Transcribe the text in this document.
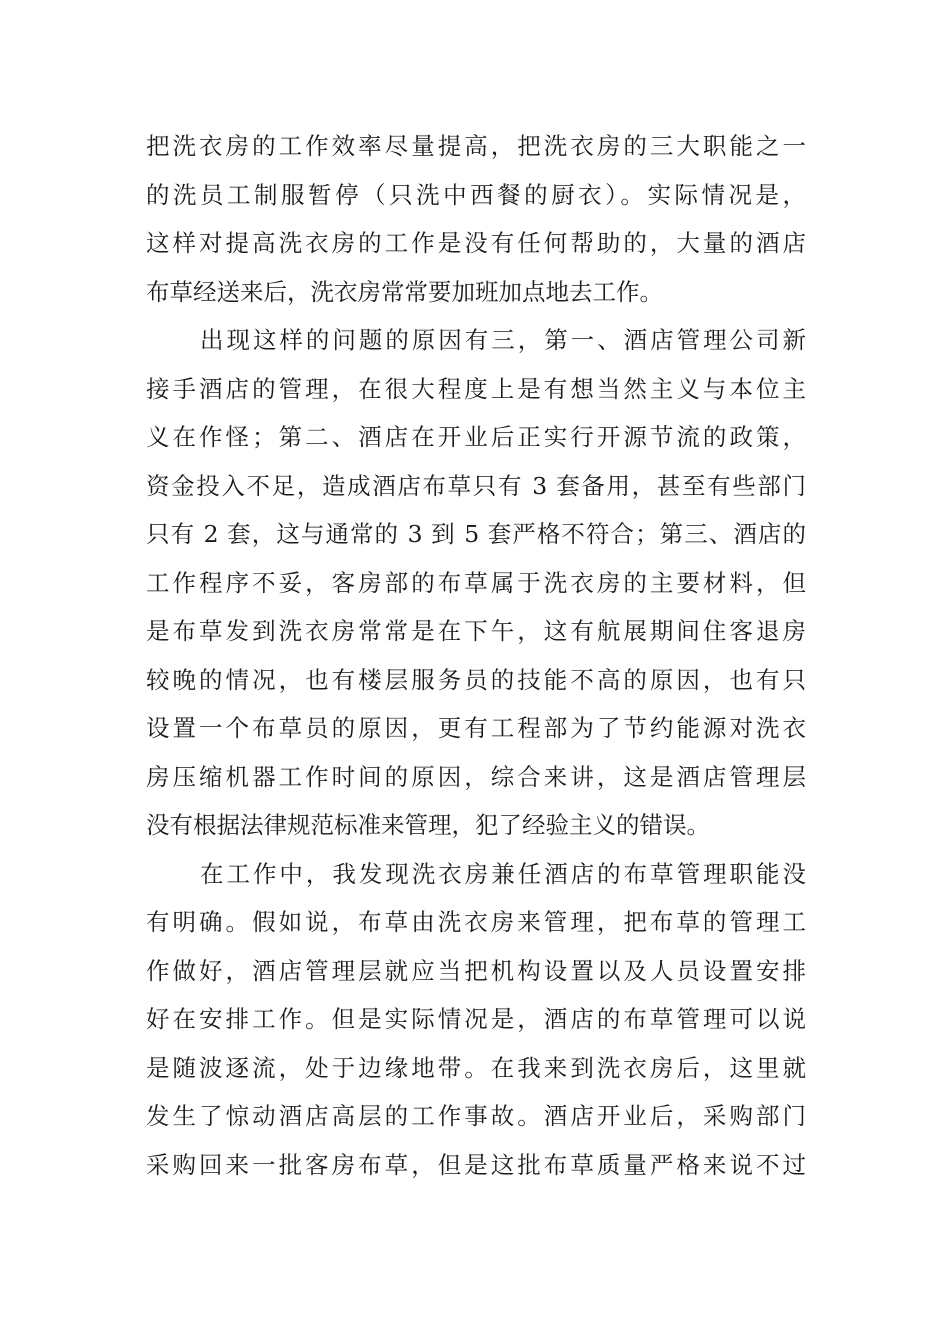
把洗衣房的工作效率尽量提高，把洗衣房的三大职能之一
的洗员工制服暂停（只洗中西餐的厨衣）。实际情况是，
这样对提高洗衣房的工作是没有任何帮助的，大量的酒店
布草经送来后，洗衣房常常要加班加点地去工作。
出现这样的问题的原因有三，第一、酒店管理公司新
接手酒店的管理，在很大程度上是有想当然主义与本位主
义在作怪；第二、酒店在开业后正实行开源节流的政策，
资金投入不足，造成酒店布草只有 3 套备用，甚至有些部门
只有 2 套，这与通常的 3 到 5 套严格不符合；第三、酒店的
工作程序不妥，客房部的布草属于洗衣房的主要材料，但
是布草发到洗衣房常常是在下午，这有航展期间住客退房
较晚的情况，也有楼层服务员的技能不高的原因，也有只
设置一个布草员的原因，更有工程部为了节约能源对洗衣
房压缩机器工作时间的原因，综合来讲，这是酒店管理层
没有根据法律规范标准来管理，犯了经验主义的错误。
在工作中，我发现洗衣房兼任酒店的布草管理职能没
有明确。假如说，布草由洗衣房来管理，把布草的管理工
作做好，酒店管理层就应当把机构设置以及人员设置安排
好在安排工作。但是实际情况是，酒店的布草管理可以说
是随波逐流，处于边缘地带。在我来到洗衣房后，这里就
发生了惊动酒店高层的工作事故。酒店开业后，采购部门
采购回来一批客房布草，但是这批布草质量严格来说不过
